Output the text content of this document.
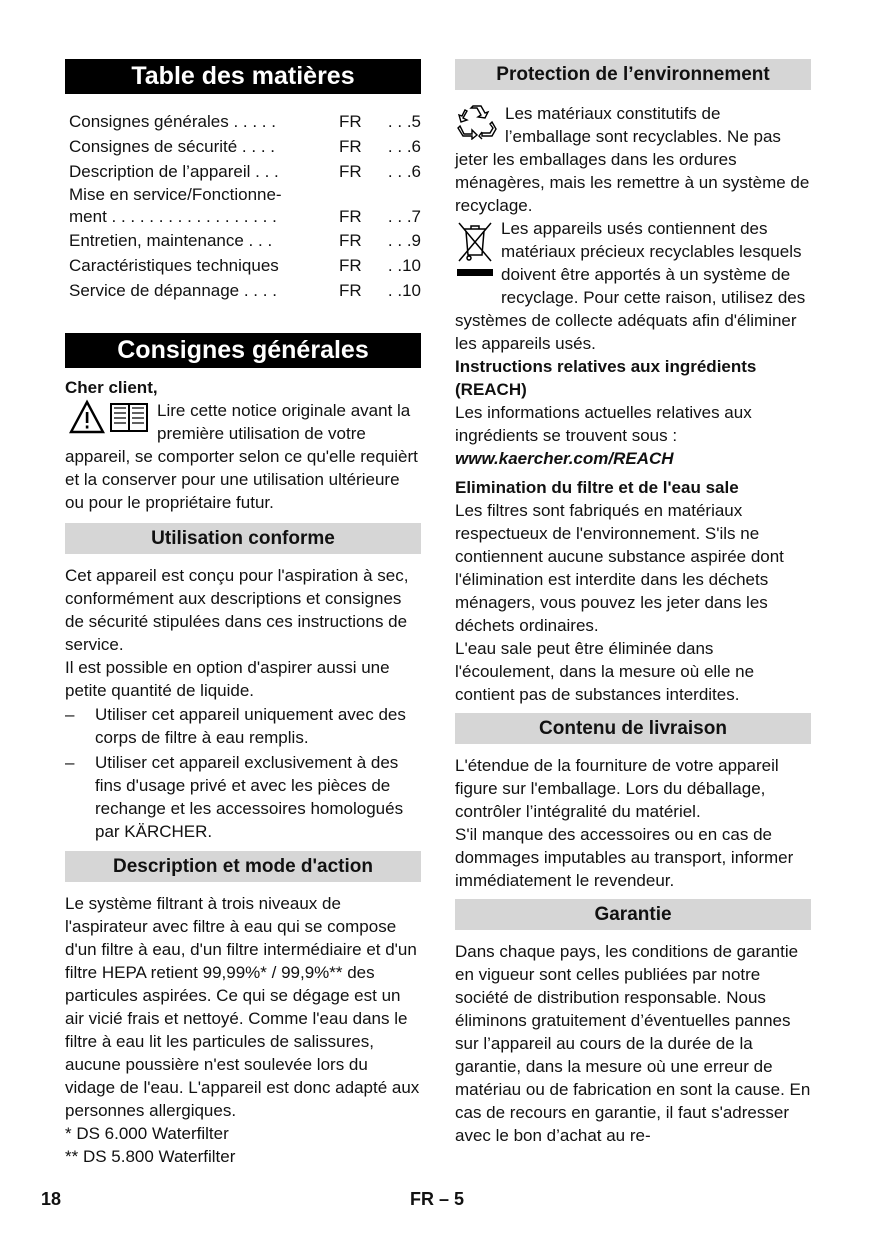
Table des matières
Consignes générales . . . . .	FR	. . .5
Consignes de sécurité . . . .	FR	. . .6
Description de l’appareil . . .	FR	. . .6
Mise en service/Fonctionne-
ment . . . . . . . . . . . . . . . . . .	FR	. . .7
Entretien, maintenance . . .	FR	. . .9
Caractéristiques techniques	FR	. .10
Service de dépannage . . . .	FR	. .10
Consignes générales

Cher client,

Lire cette notice originale avant la première utilisation de votre appareil, se comporter selon ce qu'elle requièrt et la conserver pour une utilisation ultérieure ou pour le propriétaire futur.

Utilisation conforme

Cet appareil est conçu pour l'aspiration à sec, conformément aux descriptions et consignes de sécurité stipulées dans ces instructions de service.

Il est possible en option d'aspirer aussi une petite quantité de liquide.

–	Utiliser cet appareil uniquement avec des corps de filtre à eau remplis.
–	Utiliser cet appareil exclusivement à des fins d'usage privé et avec les pièces de rechange et les accessoires homologués par KÄRCHER.
Description et mode d'action

Le système filtrant à trois niveaux de l'aspirateur avec filtre à eau qui se compose d'un filtre à eau, d'un filtre intermédiaire et d'un filtre HEPA retient 99,99%* / 99,9%** des particules aspirées. Ce qui se dégage est un air vicié frais et nettoyé. Comme l'eau dans le filtre à eau lit les particules de salissures, aucune poussière n'est soulevée lors du vidage de l'eau. L'appareil est donc adapté aux personnes allergiques.

* DS 6.000 Waterfilter

** DS 5.800 Waterfilter

Protection de l’environnement

Les matériaux constitutifs de l’emballage sont recyclables. Ne pas jeter les emballages dans les ordures ménagères, mais les remettre à un système de recyclage.

Les appareils usés contiennent des matériaux précieux recyclables lesquels doivent être apportés à un système de recyclage. Pour cette raison, utilisez des systèmes de collecte adéquats afin d'éliminer les appareils usés.

Instructions relatives aux ingrédients (REACH)

Les informations actuelles relatives aux ingrédients se trouvent sous :

www.kaercher.com/REACH

Elimination du filtre et de l'eau sale

Les filtres sont fabriqués en matériaux respectueux de l'environnement. S'ils ne contiennent aucune substance aspirée dont l'élimination est interdite dans les déchets ménagers, vous pouvez les jeter dans les déchets ordinaires.

L'eau sale peut être éliminée dans l'écoulement, dans la mesure où elle ne contient pas de substances interdites.

Contenu de livraison

L'étendue de la fourniture de votre appareil figure sur l'emballage. Lors du déballage, contrôler l’intégralité du matériel.

S'il manque des accessoires ou en cas de dommages imputables au transport, informer immédiatement le revendeur.

Garantie

Dans chaque pays, les conditions de garantie en vigueur sont celles publiées par notre société de distribution responsable. Nous éliminons gratuitement d’éventuelles pannes sur l’appareil au cours de la durée de la garantie, dans la mesure où une erreur de matériau ou de fabrication en sont la cause. En cas de recours en garantie, il faut s'adresser avec le bon d’achat au re-

18	FR – 5
